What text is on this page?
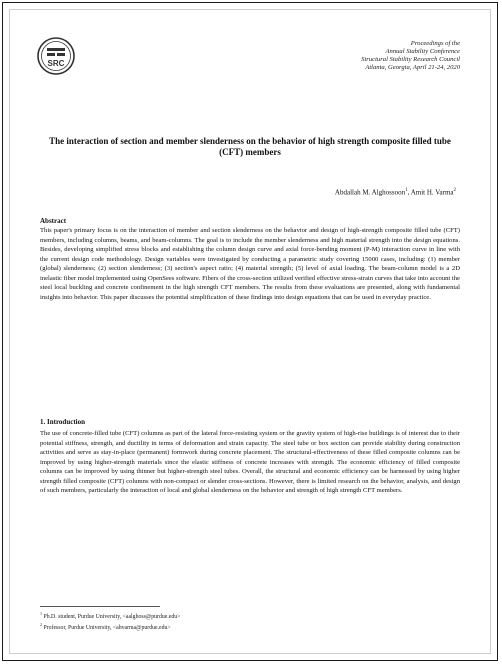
SRC
Proceedings of the
Annual Stability Conference
Structural Stability Research Council
Atlanta, Georgia, April 21-24, 2020
The interaction of section and member slenderness on the behavior of high strength composite filled tube (CFT) members
Abdallah M. Alghossoon$^1$, Amit H. Varma$^2$
Abstract
This paper's primary focus is on the interaction of member and section slenderness on the behavior and design of high-strength composite filled tube (CFT) members, including columns, beams, and beam-columns. The goal is to include the member slenderness and high material strength into the design equations. Besides, developing simplified stress blocks and establishing the column design curve and axial force-bending moment (P-M) interaction curve in line with the current design code methodology. Design variables were investigated by conducting a parametric study covering 15000 cases, including: (1) member (global) slenderness; (2) section slenderness; (3) section's aspect ratio; (4) material strength; (5) level of axial loading. The beam-column model is a 2D inelastic fiber model implemented using OpenSees software. Fibers of the cross-section utilized verified effective stress-strain curves that take into account the steel local buckling and concrete confinement in the high strength CFT members. The results from these evaluations are presented, along with fundamental insights into behavior. This paper discusses the potential simplification of these findings into design equations that can be used in everyday practice.
1. Introduction
The use of concrete-filled tube (CFT) columns as part of the lateral force-resisting system or the gravity system of high-rise buildings is of interest due to their potential stiffness, strength, and ductility in terms of deformation and strain capacity. The steel tube or box section can provide stability during construction activities and serve as stay-in-place (permanent) formwork during concrete placement. The structural-effectiveness of these filled composite columns can be improved by using higher-strength materials since the elastic stiffness of concrete increases with strength. The economic efficiency of filled composite columns can be improved by using thinner but higher-strength steel tubes. Overall, the structural and economic efficiency can be harnessed by using higher strength filled composite (CFT) columns with non-compact or slender cross-sections. However, there is limited research on the behavior, analysis, and design of such members, particularly the interaction of local and global slenderness on the behavior and strength of high strength CFT members.
$^1$ Ph.D. student, Purdue University, <aalghoss@purdue.edu>
$^2$ Professor, Purdue University, <ahvarma@purdue.edu>
